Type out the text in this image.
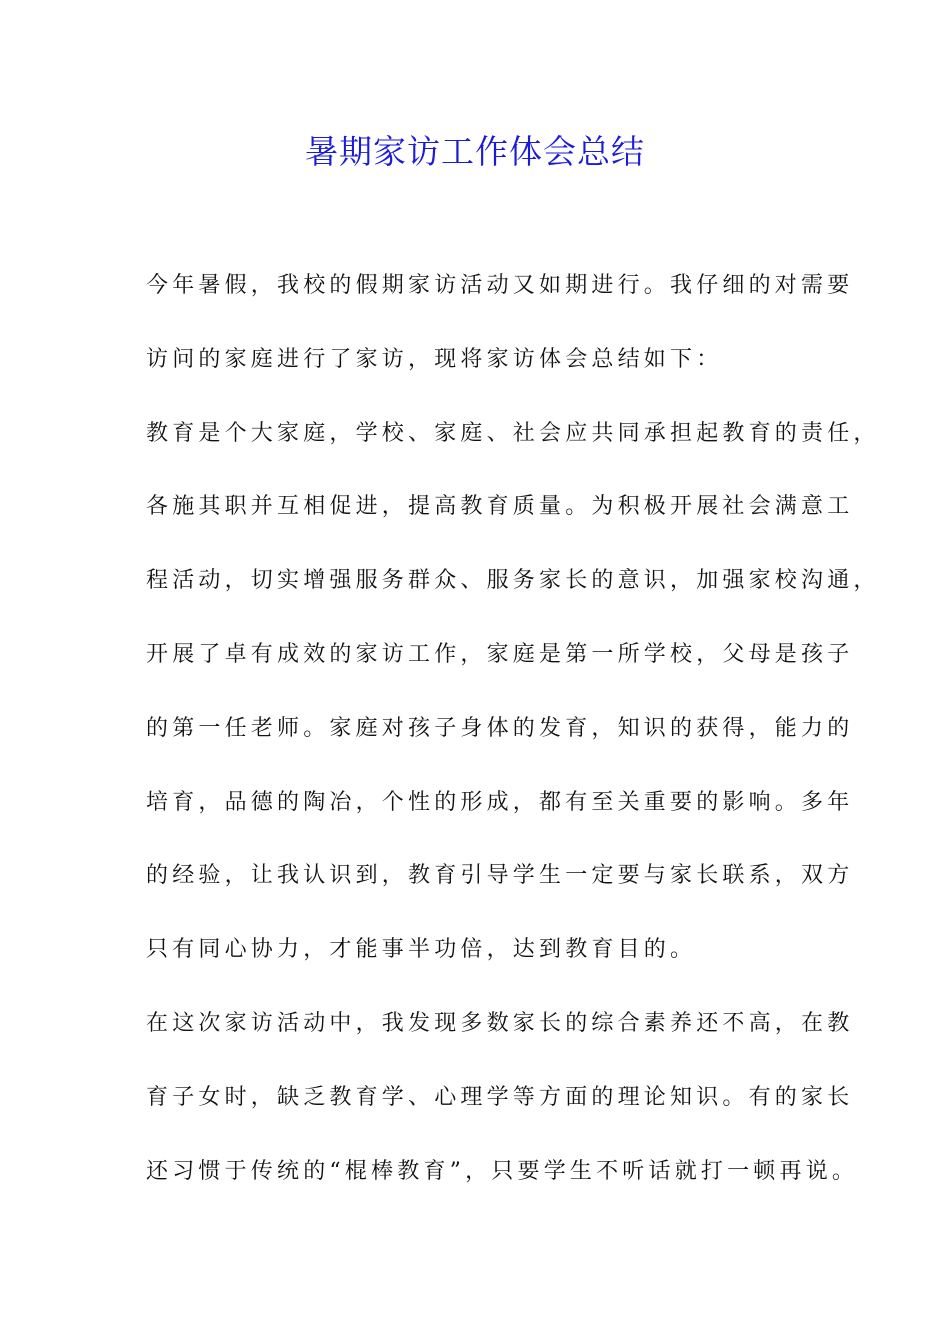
暑期家访工作体会总结
今年暑假，我校的假期家访活动又如期进行。我仔细的对需要
访问的家庭进行了家访，现将家访体会总结如下：
教育是个大家庭，学校、家庭、社会应共同承担起教育的责任，
各施其职并互相促进，提高教育质量。为积极开展社会满意工
程活动，切实增强服务群众、服务家长的意识，加强家校沟通，
开展了卓有成效的家访工作，家庭是第一所学校，父母是孩子
的第一任老师。家庭对孩子身体的发育，知识的获得，能力的
培育，品德的陶冶，个性的形成，都有至关重要的影响。多年
的经验，让我认识到，教育引导学生一定要与家长联系，双方
只有同心协力，才能事半功倍，达到教育目的。
在这次家访活动中，我发现多数家长的综合素养还不高，在教
育子女时，缺乏教育学、心理学等方面的理论知识。有的家长
还习惯于传统的“棍棒教育”，只要学生不听话就打一顿再说。
